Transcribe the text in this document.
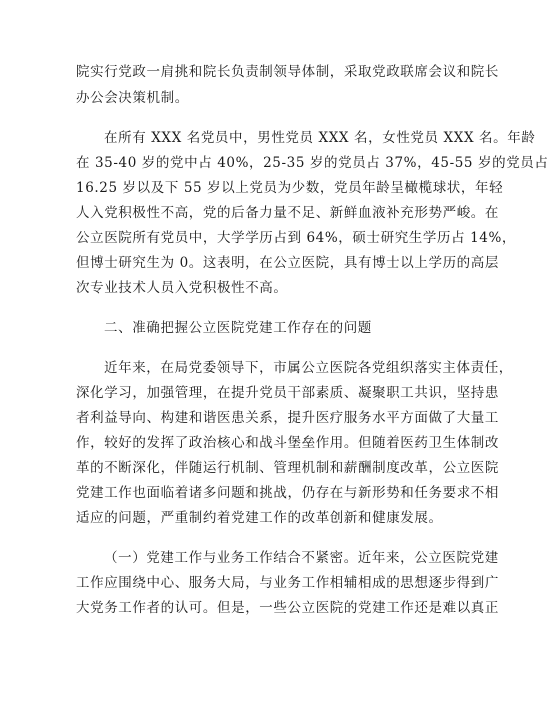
院实行党政一肩挑和院长负责制领导体制，采取党政联席会议和院长
办公会决策机制。
在所有 XXX 名党员中，男性党员 XXX 名，女性党员 XXX 名。年龄
在 35-40 岁的党中占 40%，25-35 岁的党员占 37%，45-55 岁的党员占
16.25 岁以及下 55 岁以上党员为少数，党员年龄呈橄榄球状，年轻
人入党积极性不高，党的后备力量不足、新鲜血液补充形势严峻。在
公立医院所有党员中，大学学历占到 64%，硕士研究生学历占 14%，
但博士研究生为 0。这表明，在公立医院，具有博士以上学历的高层
次专业技术人员入党积极性不高。
二、准确把握公立医院党建工作存在的问题
近年来，在局党委领导下，市属公立医院各党组织落实主体责任，
深化学习，加强管理，在提升党员干部素质、凝聚职工共识，坚持患
者利益导向、构建和谐医患关系，提升医疗服务水平方面做了大量工
作，较好的发挥了政治核心和战斗堡垒作用。但随着医药卫生体制改
革的不断深化，伴随运行机制、管理机制和薪酬制度改革，公立医院
党建工作也面临着诸多问题和挑战，仍存在与新形势和任务要求不相
适应的问题，严重制约着党建工作的改革创新和健康发展。
（一）党建工作与业务工作结合不紧密。近年来，公立医院党建
工作应围绕中心、服务大局，与业务工作相辅相成的思想逐步得到广
大党务工作者的认可。但是，一些公立医院的党建工作还是难以真正
